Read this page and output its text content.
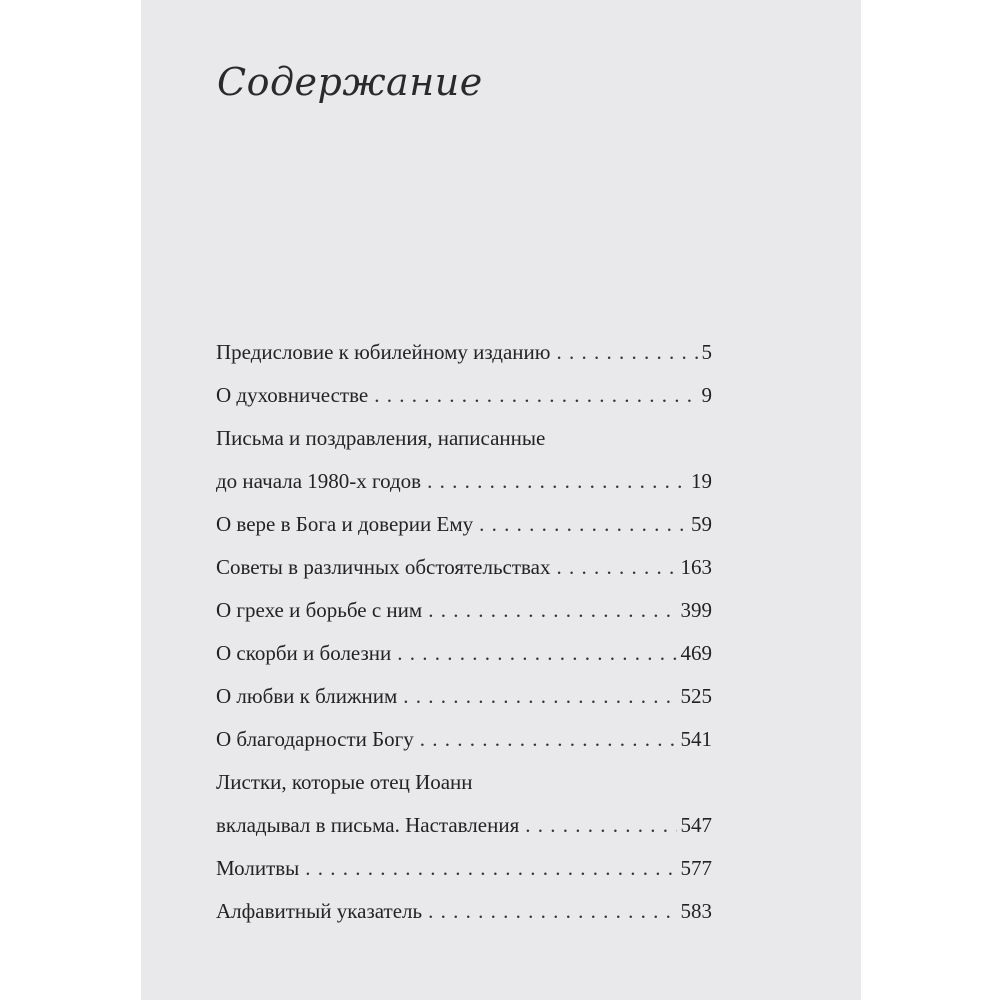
Содержание
Предисловие к юбилейному изданию . . .	5
О духовничестве . . .	9
Письма и поздравления, написанные
до начала 1980-х годов . . .	19
О вере в Бога и доверии Ему . . .	59
Советы в различных обстоятельствах . . .	163
О грехе и борьбе с ним . . .	399
О скорби и болезни . . .	469
О любви к ближним . . .	525
О благодарности Богу . . .	541
Листки, которые отец Иоанн
вкладывал в письма. Наставления . . .	547
Молитвы . . .	577
Алфавитный указатель . . .	583
